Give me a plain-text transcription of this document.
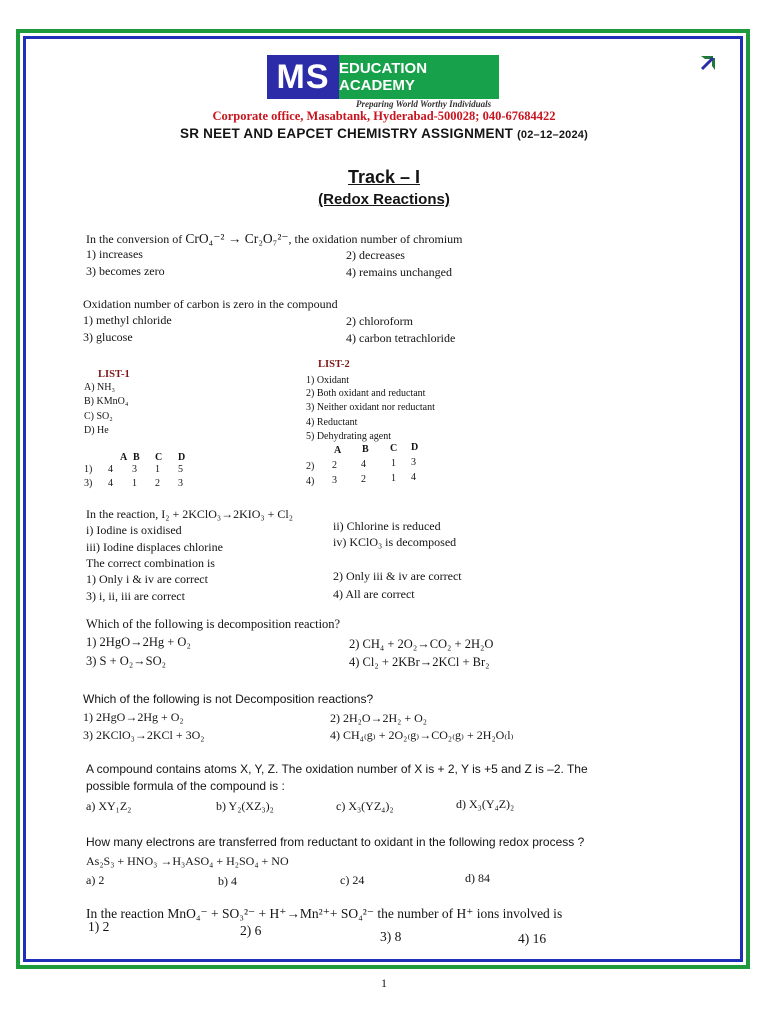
MS EDUCATION ACADEMY
Preparing World Worthy Individuals
Corporate office, Masabtank, Hyderabad-500028; 040-67684422
SR NEET AND EAPCET CHEMISTRY ASSIGNMENT (02–12–2024)
Track – I
(Redox Reactions)
In the conversion of CrO₄⁻² → Cr₂O₇²⁻, the oxidation number of chromium
1) increases	2) decreases
3) becomes zero	4) remains unchanged
Oxidation number of carbon is zero in the compound
1) methyl chloride	2) chloroform
3) glucose	4) carbon tetrachloride
LIST-1
A) NH₃
B) KMnO₄
C) SO₂
D) He
LIST-2
1) Oxidant
2) Both oxidant and reductant
3) Neither oxidant nor reductant
4) Reductant
5) Dehydrating agent
A B C D
1) 4 3 1 5
3) 4 1 2 3
A B C D
2) 2 4	1 3
4) 3 2	1 4
In the reaction, I₂ + 2KClO₃→2KIO₃ + Cl₂
i) Iodine is oxidised	ii) Chlorine is reduced
iii) Iodine displaces chlorine	iv) KClO₃ is decomposed
The correct combination is
1) Only i & iv are correct	2) Only iii & iv are correct
3) i, ii, iii are correct	4) All are correct
Which of the following is decomposition reaction?
1) 2HgO→2Hg + O₂	2) CH₄ + 2O₂→CO₂ + 2H₂O
3) S + O₂→SO₂	4) Cl₂ + 2KBr→2KCl + Br₂
Which of the following is not Decomposition reactions?
1) 2HgO→2Hg + O₂	2) 2H₂O→2H₂ + O₂
3) 2KClO₃→2KCl + 3O₂	4) CH₄₍g₎ + 2O₂₍g₎→CO₂₍g₎ + 2H₂O₍l₎
A compound contains atoms X, Y, Z. The oxidation number of X is + 2, Y is +5 and Z is –2. The
possible formula of the compound is :
a) XY₁Z₂	b) Y₂(XZ₃)₂	c) X₃(YZ₄)₂	d) X₃(Y₄Z)₂
How many electrons are transferred from reductant to oxidant in the following redox process ?
As₂S₃ + HNO₃ →H₃ASO₄ + H₂SO₄ + NO
a) 2	b) 4	c) 24	d) 84
In the reaction MnO₄⁻ + SO₃²⁻ + H⁺→Mn²⁺+ SO₄²⁻ the number of H⁺ ions involved is
1) 2	2) 6	3) 8	4) 16
1
